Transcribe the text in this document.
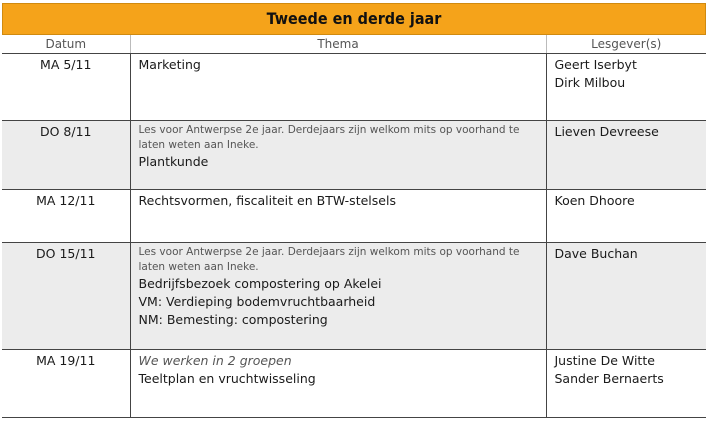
Tweede en derde jaar
Datum	Thema	Lesgever(s)
MA 5/11	Marketing	Geert Iserbyt
Dirk Milbou

DO 8/11	Les voor Antwerpse 2e jaar. Derdejaars zijn welkom mits op voorhand te laten weten aan Ineke.
Plantkunde	Lieven Devreese

MA 12/11	Rechtsvormen, fiscaliteit en BTW-stelsels	Koen Dhoore

DO 15/11	Les voor Antwerpse 2e jaar. Derdejaars zijn welkom mits op voorhand te laten weten aan Ineke.
Bedrijfsbezoek compostering op Akelei
VM: Verdieping bodemvruchtbaarheid
NM: Bemesting: compostering	Dave Buchan

MA 19/11	We werken in 2 groepen
Teeltplan en vruchtwisseling	Justine De Witte
Sander Bernaerts
